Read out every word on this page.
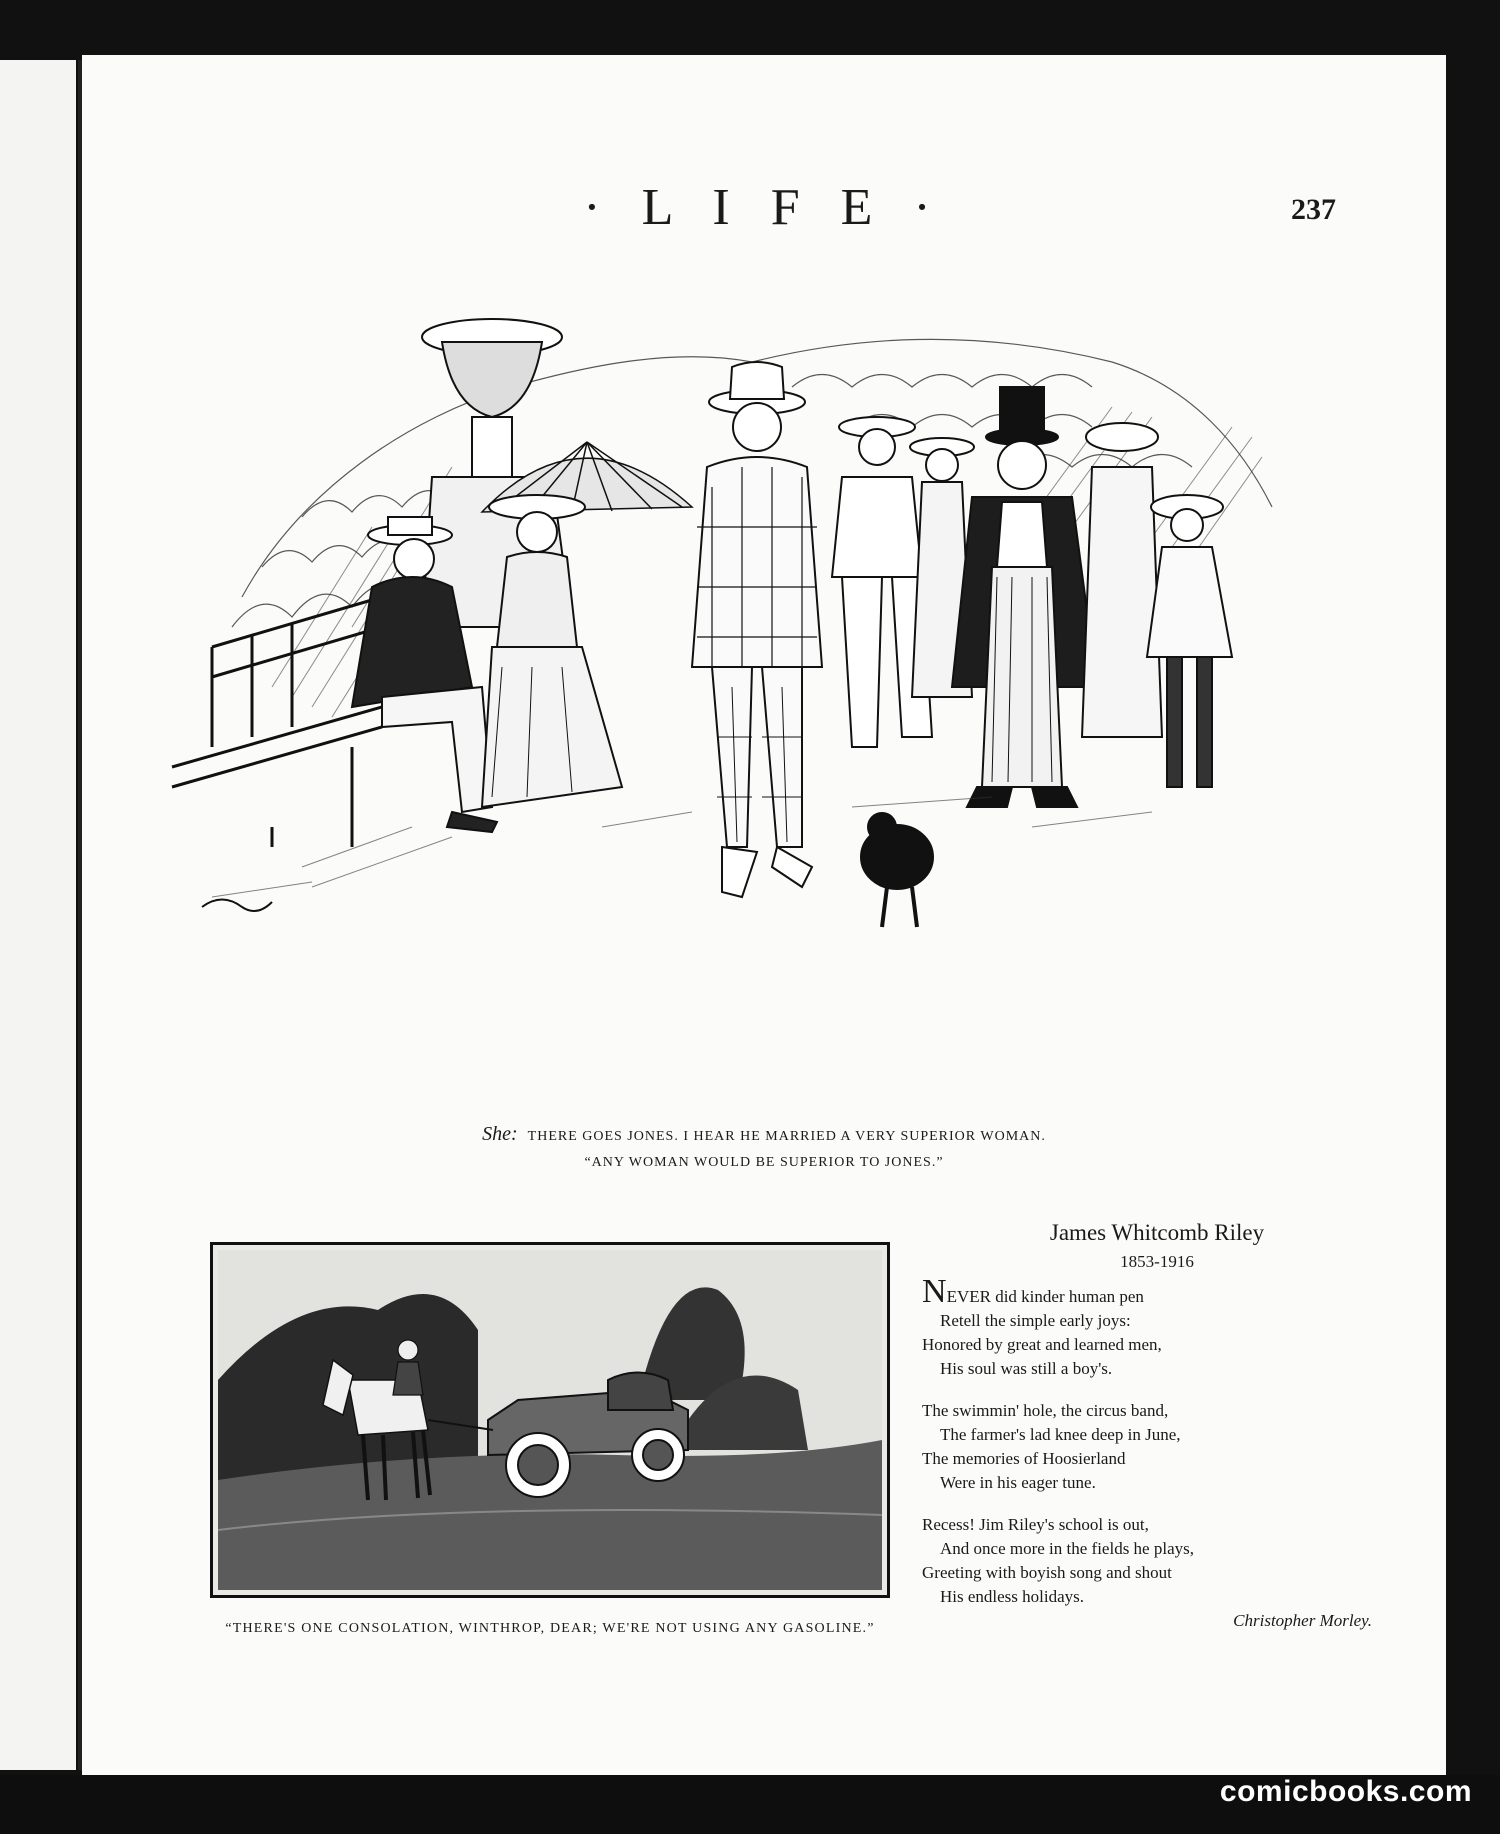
· L I F E ·	237
She: THERE GOES JONES. I HEAR HE MARRIED A VERY SUPERIOR WOMAN.
“ANY WOMAN WOULD BE SUPERIOR TO JONES.”
“THERE'S ONE CONSOLATION, WINTHROP, DEAR; WE'RE NOT USING ANY GASOLINE.”
James Whitcomb Riley
1853-1916
NEVER did kinder human pen
Retell the simple early joys:
Honored by great and learned men,
His soul was still a boy's.
The swimmin' hole, the circus band,
The farmer's lad knee deep in June,
The memories of Hoosierland
Were in his eager tune.
Recess! Jim Riley's school is out,
And once more in the fields he plays,
Greeting with boyish song and shout
His endless holidays.
Christopher Morley.
comicbooks.com
